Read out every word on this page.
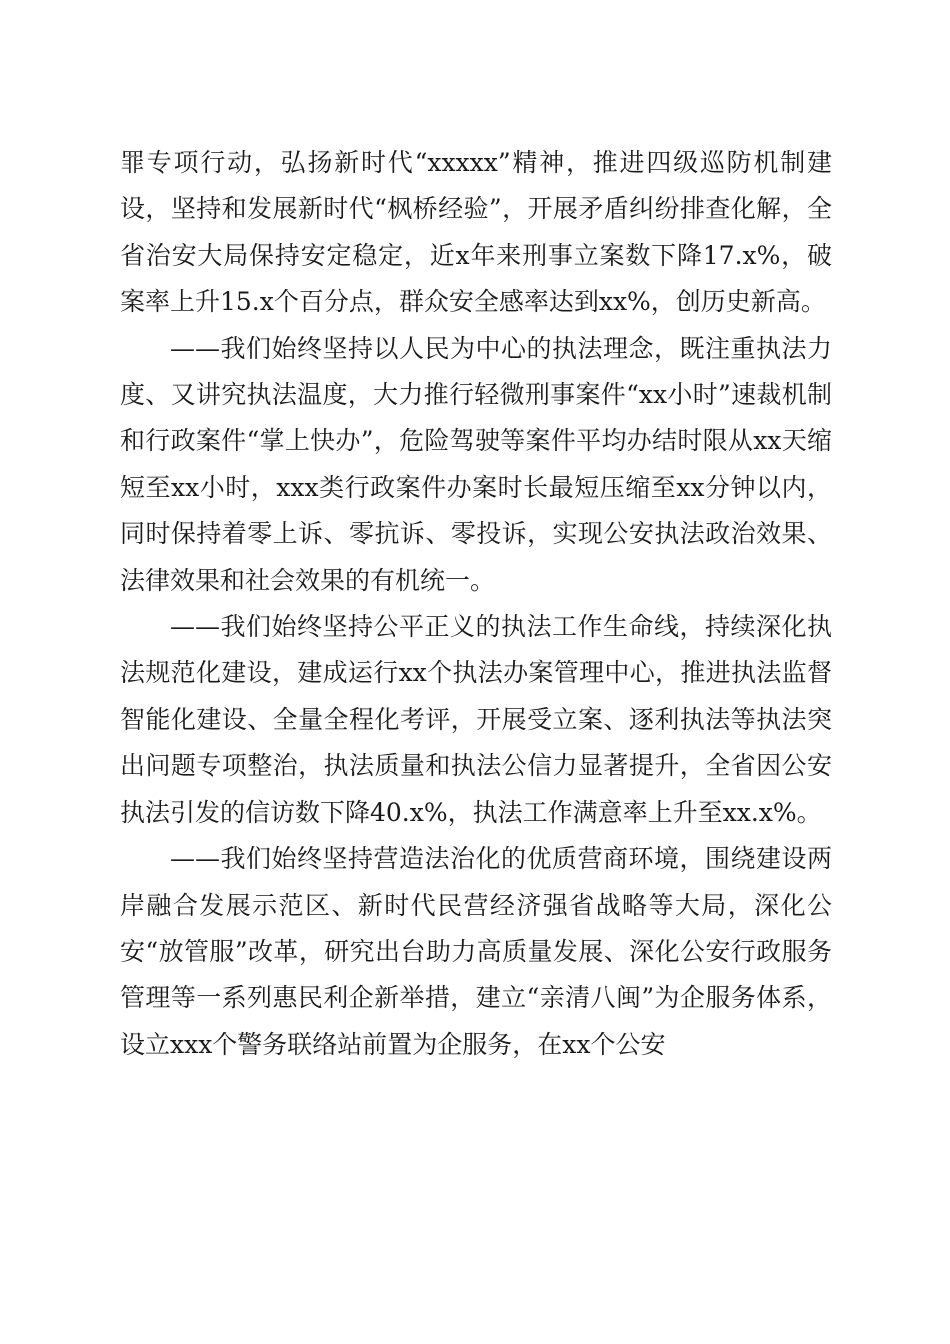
罪专项行动，弘扬新时代“xxxxx”精神，推进四级巡防机制建设，坚持和发展新时代“枫桥经验”，开展矛盾纠纷排查化解，全省治安大局保持安定稳定，近x年来刑事立案数下降17.x%，破案率上升15.x个百分点，群众安全感率达到xx%，创历史新高。

——我们始终坚持以人民为中心的执法理念，既注重执法力度、又讲究执法温度，大力推行轻微刑事案件“xx小时”速裁机制和行政案件“掌上快办”，危险驾驶等案件平均办结时限从xx天缩短至xx小时，xxx类行政案件办案时长最短压缩至xx分钟以内，同时保持着零上诉、零抗诉、零投诉，实现公安执法政治效果、法律效果和社会效果的有机统一。

——我们始终坚持公平正义的执法工作生命线，持续深化执法规范化建设，建成运行xx个执法办案管理中心，推进执法监督智能化建设、全量全程化考评，开展受立案、逐利执法等执法突出问题专项整治，执法质量和执法公信力显著提升，全省因公安执法引发的信访数下降40.x%，执法工作满意率上升至xx.x%。

——我们始终坚持营造法治化的优质营商环境，围绕建设两岸融合发展示范区、新时代民营经济强省战略等大局，深化公安“放管服”改革，研究出台助力高质量发展、深化公安行政服务管理等一系列惠民利企新举措，建立“亲清八闽”为企服务体系，设立xxx个警务联络站前置为企服务，在xx个公安
